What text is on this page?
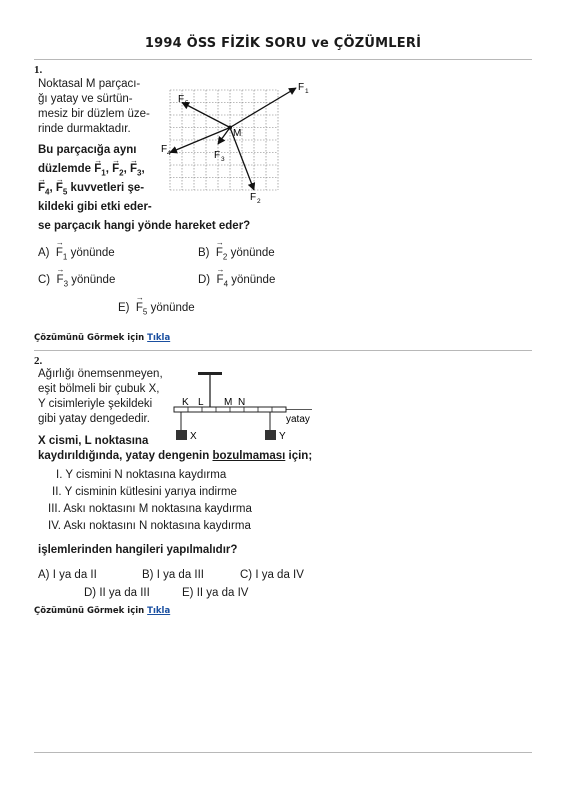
1994 ÖSS FİZİK SORU ve ÇÖZÜMLERİ
1.
Noktasal M parçacı-
ğı yatay ve sürtün-
mesiz bir düzlem üze-
rinde durmaktadır.
Bu parçacığa aynı
düzlemde → $F_1$, → $F_2$, → $F_3$,
→ $F_4$, → $F_5$ kuvvetleri şe-
kildeki gibi etki eder-
se parçacık hangi yönde hareket eder?
M
F 1
F 2
F 3
F 4
F 5
$A) \to F_1$ yönünde	$B) \to F_2$ yönünde
$C) \to F_3$ yönünde	$D) \to F_4$ yönünde
$E) \to F_5$ yönünde
Çözümünü Görmek için Tıkla
2.
Ağırlığı önemsenmeyen,
eşit bölmeli bir çubuk X,
Y cisimleriyle şekildeki
gibi yatay dengededir.
K L M N
yatay
X	Y
X cismi, L noktasına
kaydırıldığında, yatay dengenin bozulmaması için;
I. Y cismini N noktasına kaydırma
II. Y cisminin kütlesini yarıya indirme
III. Askı noktasını M noktasına kaydırma
IV. Askı noktasını N noktasına kaydırma
işlemlerinden hangileri yapılmalıdır?
A) I ya da II	B) I ya da III	C) I ya da IV
D) II ya da III	E) II ya da IV
Çözümünü Görmek için Tıkla
